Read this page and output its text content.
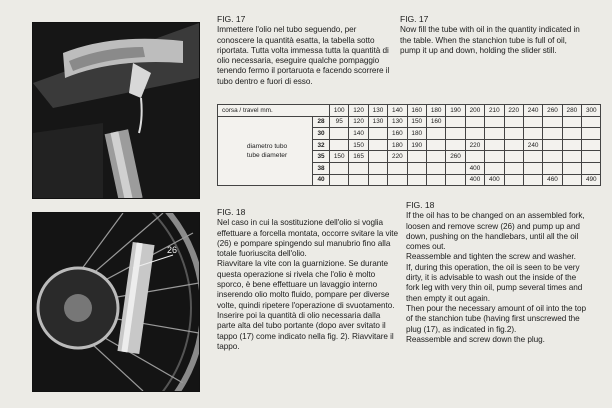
26
FIG. 17
Immettere l'olio nel tubo seguendo, per conoscere la quantità esatta, la tabella sotto riportata. Tutta volta immessa tutta la quantità di olio necessaria, eseguire qualche pompaggio tenendo fermo il portaruota e facendo scorrere il tubo dentro e fuori di esso.
FIG. 17
Now fill the tube with oil in the quantity indicated in the table. When the stanchion tube is full of oil, pump it up and down, holding the slider still.
corsa / travel mm.		100	120	130	140	160	180	190	200	210	220	240	260	280	300

diametro tubo
tube diameter	28	95	120	130	130	150	160								
	30		140		160	180									
	32		150		180	190			220			240			
	35	150	165		220			260							
	38								400						
	40								400	400			460		490
FIG. 18
Nel caso in cui la sostituzione dell'olio si voglia effettuare a forcella montata, occorre svitare la vite (26) e pompare spingendo sul manubrio fino alla totale fuoriuscita dell'olio.
Riavvitare la vite con la guarnizione. Se durante questa operazione si rivela che l'olio è molto sporco, è bene effettuare un lavaggio interno inserendo olio molto fluido, pompare per diverse volte, quindi ripetere l'operazione di svuotamento. Inserire poi la quantità di olio necessaria dalla parte alta del tubo portante (dopo aver svitato il tappo (17) come indicato nella fig. 2). Riavvitare il tappo.
FIG. 18
If the oil has to be changed on an assembled fork, loosen and remove screw (26) and pump up and down, pushing on the handlebars, until all the oil comes out.
Reassemble and tighten the screw and washer.
If, during this operation, the oil is seen to be very dirty, it is advisable to wash out the inside of the fork leg with very thin oil, pump several times and then empty it out again.
Then pour the necessary amount of oil into the top of the stanchion tube (having first unscrewed the plug (17), as indicated in fig.2).
Reassemble and screw down the plug.
